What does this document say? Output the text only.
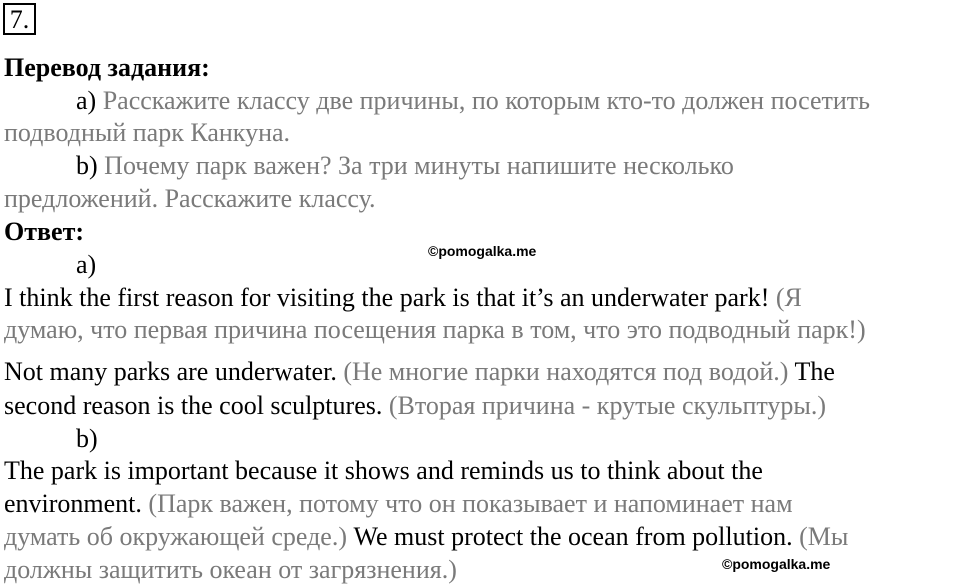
7.
Перевод задания:
a) Расскажите классу две причины, по которым кто-то должен посетить
подводный парк Канкуна.
b) Почему парк важен? За три минуты напишите несколько
предложений. Расскажите классу.
Ответ:
©pomogalka.me
a)
I think the first reason for visiting the park is that it’s an underwater park! (Я
думаю, что первая причина посещения парка в том, что это подводный парк!)
Not many parks are underwater. (Не многие парки находятся под водой.) The
second reason is the cool sculptures. (Вторая причина - крутые скульптуры.)
b)
The park is important because it shows and reminds us to think about the
environment. (Парк важен, потому что он показывает и напоминает нам
думать об окружающей среде.) We must protect the ocean from pollution. (Мы
©pomogalka.me
должны защитить океан от загрязнения.)
